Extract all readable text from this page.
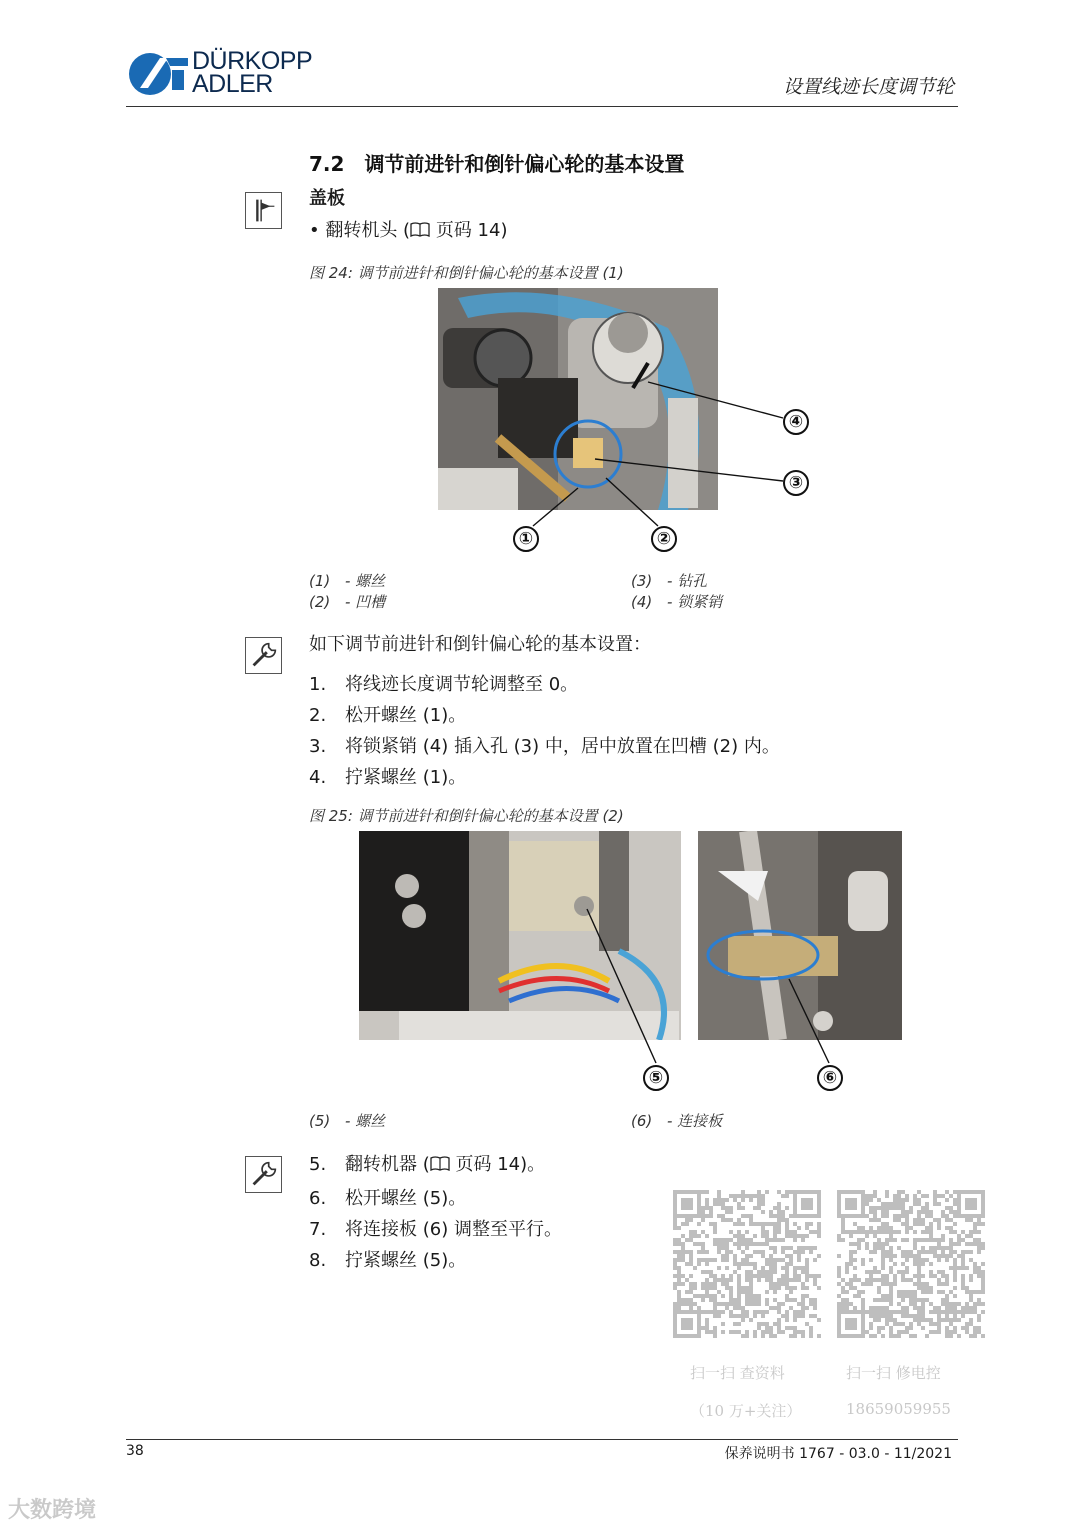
DÜRKOPP
ADLER	设置线迹长度调节轮
7.2 调节前进针和倒针偏心轮的基本设置
盖板
• 翻转机头 ( 页码 14)
图 24: 调节前进针和倒针偏心轮的基本设置 (1)
④
③
①	②
(1) - 螺丝
(2) - 凹槽
(3) - 钻孔
(4) - 锁紧销
如下调节前进针和倒针偏心轮的基本设置：
1. 将线迹长度调节轮调整至 0。
2. 松开螺丝 (1)。
3. 将锁紧销 (4) 插入孔 (3) 中，居中放置在凹槽 (2) 内。
4. 拧紧螺丝 (1)。
图 25: 调节前进针和倒针偏心轮的基本设置 (2)
⑤	⑥
(5) - 螺丝	(6) - 连接板
5. 翻转机器 ( 页码 14)。
6. 松开螺丝 (5)。
7. 将连接板 (6) 调整至平行。
8. 拧紧螺丝 (5)。
扫一扫 查资料
（10 万+关注）
扫一扫 修电控
18659059955
38	保养说明书 1767 - 03.0 - 11/2021
大数跨境
